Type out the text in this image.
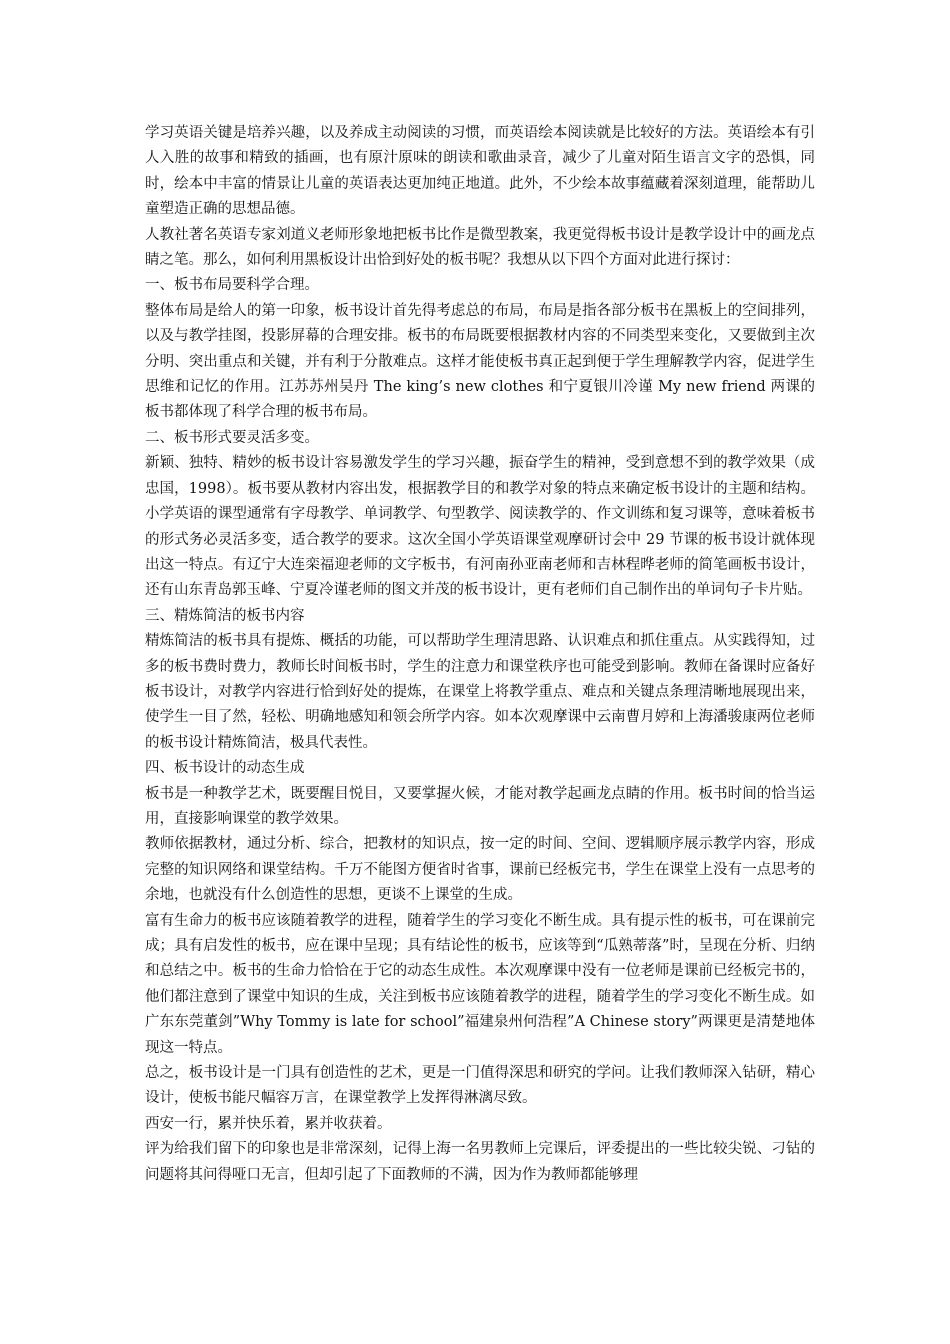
学习英语关键是培养兴趣，以及养成主动阅读的习惯，而英语绘本阅读就是比较好的方法。英语绘本有引人入胜的故事和精致的插画，也有原汁原味的朗读和歌曲录音，减少了儿童对陌生语言文字的恐惧，同时，绘本中丰富的情景让儿童的英语表达更加纯正地道。此外，不少绘本故事蕴藏着深刻道理，能帮助儿童塑造正确的思想品德。

人教社著名英语专家刘道义老师形象地把板书比作是微型教案，我更觉得板书设计是教学设计中的画龙点睛之笔。那么，如何利用黑板设计出恰到好处的板书呢？我想从以下四个方面对此进行探讨：

一、板书布局要科学合理。

整体布局是给人的第一印象，板书设计首先得考虑总的布局，布局是指各部分板书在黑板上的空间排列，以及与教学挂图，投影屏幕的合理安排。板书的布局既要根据教材内容的不同类型来变化，又要做到主次分明、突出重点和关键，并有利于分散难点。这样才能使板书真正起到便于学生理解教学内容，促进学生思维和记忆的作用。江苏苏州吴丹 The king’s new clothes 和宁夏银川冷谨 My new friend 两课的板书都体现了科学合理的板书布局。

二、板书形式要灵活多变。

新颖、独特、精妙的板书设计容易激发学生的学习兴趣，振奋学生的精神，受到意想不到的教学效果（成忠国，1998）。板书要从教材内容出发，根据教学目的和教学对象的特点来确定板书设计的主题和结构。小学英语的课型通常有字母教学、单词教学、句型教学、阅读教学的、作文训练和复习课等，意味着板书的形式务必灵活多变，适合教学的要求。这次全国小学英语课堂观摩研讨会中 29 节课的板书设计就体现出这一特点。有辽宁大连栾福迎老师的文字板书，有河南孙亚南老师和吉林程晔老师的简笔画板书设计，还有山东青岛郭玉峰、宁夏冷谨老师的图文并茂的板书设计，更有老师们自己制作出的单词句子卡片贴。

三、精炼简洁的板书内容

精炼简洁的板书具有提炼、概括的功能，可以帮助学生理清思路、认识难点和抓住重点。从实践得知，过多的板书费时费力，教师长时间板书时，学生的注意力和课堂秩序也可能受到影响。教师在备课时应备好板书设计，对教学内容进行恰到好处的提炼，在课堂上将教学重点、难点和关键点条理清晰地展现出来，使学生一目了然，轻松、明确地感知和领会所学内容。如本次观摩课中云南曹月婷和上海潘骏康两位老师的板书设计精炼简洁，极具代表性。

四、板书设计的动态生成

板书是一种教学艺术，既要醒目悦目，又要掌握火候，才能对教学起画龙点睛的作用。板书时间的恰当运用，直接影响课堂的教学效果。

教师依据教材，通过分析、综合，把教材的知识点，按一定的时间、空间、逻辑顺序展示教学内容，形成完整的知识网络和课堂结构。千万不能图方便省时省事，课前已经板完书，学生在课堂上没有一点思考的余地，也就没有什么创造性的思想，更谈不上课堂的生成。

富有生命力的板书应该随着教学的进程，随着学生的学习变化不断生成。具有提示性的板书，可在课前完成；具有启发性的板书，应在课中呈现；具有结论性的板书，应该等到“瓜熟蒂落”时，呈现在分析、归纳和总结之中。板书的生命力恰恰在于它的动态生成性。本次观摩课中没有一位老师是课前已经板完书的，他们都注意到了课堂中知识的生成，关注到板书应该随着教学的进程，随着学生的学习变化不断生成。如广东东莞董剑”Why Tommy is late for school”福建泉州何浩程”A Chinese story”两课更是清楚地体现这一特点。

总之，板书设计是一门具有创造性的艺术，更是一门值得深思和研究的学问。让我们教师深入钻研，精心设计，使板书能尺幅容万言，在课堂教学上发挥得淋漓尽致。

西安一行，累并快乐着，累并收获着。

评为给我们留下的印象也是非常深刻，记得上海一名男教师上完课后，评委提出的一些比较尖锐、刁钻的问题将其问得哑口无言，但却引起了下面教师的不满，因为作为教师都能够理
